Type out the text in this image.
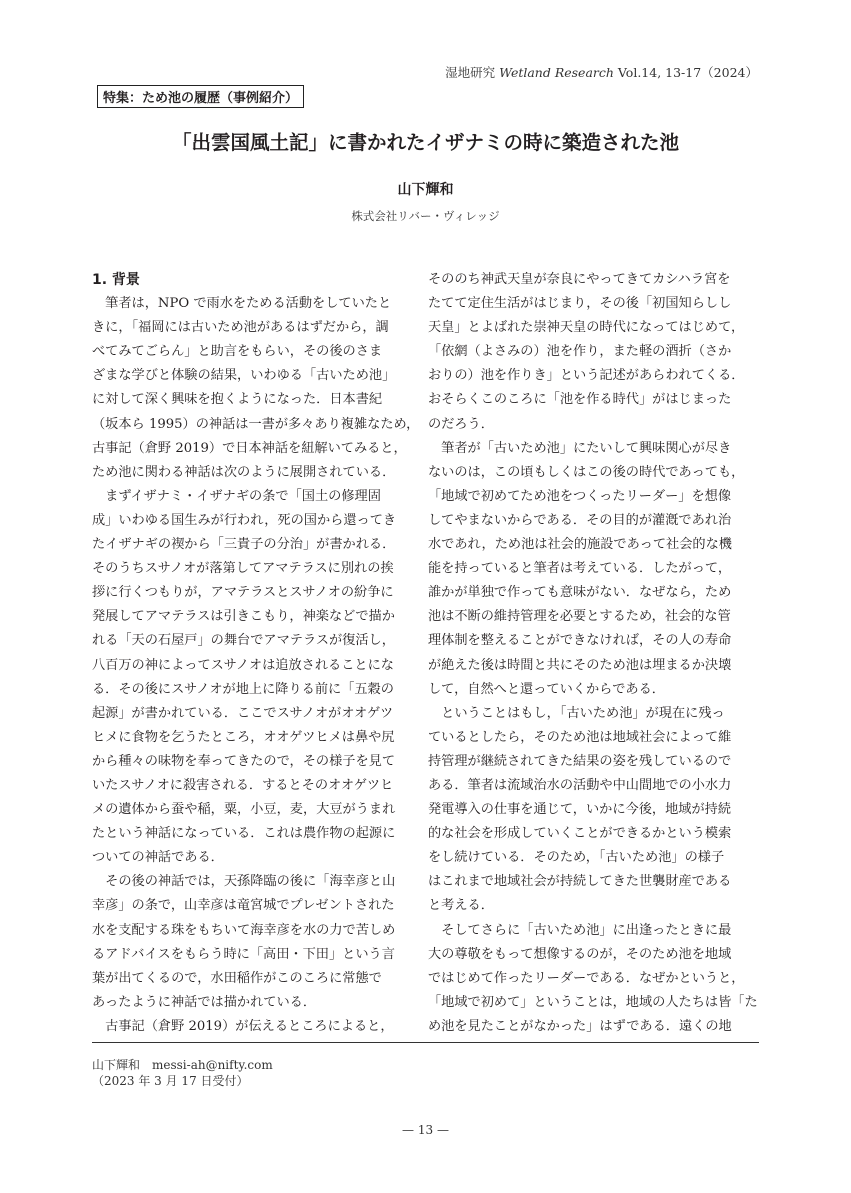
湿地研究 Wetland Research Vol.14, 13-17（2024）
特集：ため池の履歴（事例紹介）
「出雲国風土記」に書かれたイザナミの時に築造された池
山下輝和
株式会社リバー・ヴィレッジ
1. 背景
　筆者は，NPO で雨水をためる活動をしていたと
きに，「福岡には古いため池があるはずだから，調
べてみてごらん」と助言をもらい，その後のさま
ざまな学びと体験の結果，いわゆる「古いため池」
に対して深く興味を抱くようになった．日本書紀
（坂本ら 1995）の神話は一書が多々あり複雑なため，
古事記（倉野 2019）で日本神話を紐解いてみると，
ため池に関わる神話は次のように展開されている．
　まずイザナミ・イザナギの条で「国土の修理固
成」いわゆる国生みが行われ，死の国から還ってき
たイザナギの禊から「三貴子の分治」が書かれる．
そのうちスサノオが落第してアマテラスに別れの挨
拶に行くつもりが，アマテラスとスサノオの紛争に
発展してアマテラスは引きこもり，神楽などで描か
れる「天の石屋戸」の舞台でアマテラスが復活し，
八百万の神によってスサノオは追放されることにな
る．その後にスサノオが地上に降りる前に「五穀の
起源」が書かれている．ここでスサノオがオオゲツ
ヒメに食物を乞うたところ，オオゲツヒメは鼻や尻
から種々の味物を奉ってきたので，その様子を見て
いたスサノオに殺害される．するとそのオオゲツヒ
メの遺体から蚕や稲，粟，小豆，麦，大豆がうまれ
たという神話になっている．これは農作物の起源に
ついての神話である．
　その後の神話では，天孫降臨の後に「海幸彦と山
幸彦」の条で，山幸彦は竜宮城でプレゼントされた
水を支配する珠をもちいて海幸彦を水の力で苦しめ
るアドバイスをもらう時に「高田・下田」という言
葉が出てくるので，水田稲作がこのころに常態で
あったように神話では描かれている．
　古事記（倉野 2019）が伝えるところによると，
そののち神武天皇が奈良にやってきてカシハラ宮を
たてて定住生活がはじまり，その後「初国知らしし
天皇」とよばれた崇神天皇の時代になってはじめて，
「依網（よさみの）池を作り，また軽の酒折（さか
おりの）池を作りき」という記述があらわれてくる．
おそらくこのころに「池を作る時代」がはじまった
のだろう．
　筆者が「古いため池」にたいして興味関心が尽き
ないのは，この頃もしくはこの後の時代であっても，
「地域で初めてため池をつくったリーダー」を想像
してやまないからである．その目的が灌漑であれ治
水であれ，ため池は社会的施設であって社会的な機
能を持っていると筆者は考えている．したがって，
誰かが単独で作っても意味がない．なぜなら，ため
池は不断の維持管理を必要とするため，社会的な管
理体制を整えることができなければ，その人の寿命
が絶えた後は時間と共にそのため池は埋まるか決壊
して，自然へと還っていくからである．
　ということはもし，「古いため池」が現在に残っ
ているとしたら，そのため池は地域社会によって維
持管理が継続されてきた結果の姿を残しているので
ある．筆者は流域治水の活動や中山間地での小水力
発電導入の仕事を通じて，いかに今後，地域が持続
的な社会を形成していくことができるかという模索
をし続けている．そのため，「古いため池」の様子
はこれまで地域社会が持続してきた世襲財産である
と考える．
　そしてさらに「古いため池」に出逢ったときに最
大の尊敬をもって想像するのが，そのため池を地域
ではじめて作ったリーダーである．なぜかというと，
「地域で初めて」ということは，地域の人たちは皆「た
め池を見たことがなかった」はずである．遠くの地
山下輝和　messi-ah@nifty.com
（2023 年 3 月 17 日受付）
— 13 —
